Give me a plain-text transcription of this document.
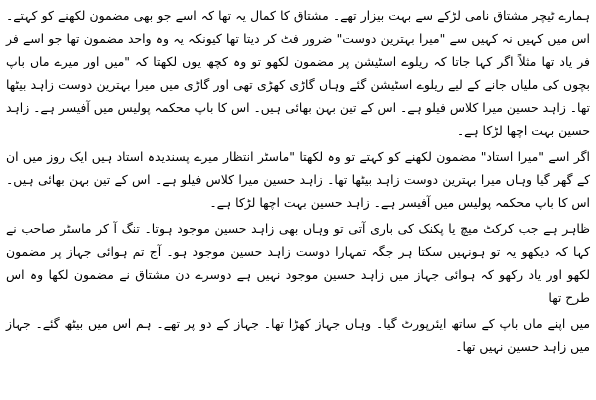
ہمارے ٹیچر مشتاق نامی لڑکے سے بہت بیزار تھے۔ مشتاق کا کمال یہ تھا کہ اسے جو بھی مضمون لکھنے کو کہتے۔ اس میں کہیں نہ کہیں سے "میرا بہترین دوست" ضرور فٹ کر دیتا تھا کیونکہ یہ وہ واحد مضمون تھا جو اسے فر فر یاد تھا مثلاً اگر کہا جاتا کہ ریلوے اسٹیشن پر مضمون لکھو تو وہ کچھ یوں لکھتا کہ "میں اور میرے ماں باپ بچوں کی ملیاں جانے کے لیے ریلوے اسٹیشن گئے وہاں گاڑی کھڑی تھی اور گاڑی میں میرا بہترین دوست زاہد بیٹھا تھا۔ زاہد حسین میرا کلاس فیلو ہے۔ اس کے تین بہن بھائی ہیں۔ اس کا باپ محکمہ پولیس میں آفیسر ہے۔ زاہد حسین بہت اچھا لڑکا ہے۔

اگر اسے "میرا استاد" مضمون لکھنے کو کہتے تو وہ لکھتا "ماسٹر انتظار میرے پسندیدہ استاد ہیں ایک روز میں ان کے گھر گیا وہاں میرا بہترین دوست زاہد بیٹھا تھا۔ زاہد حسین میرا کلاس فیلو ہے۔ اس کے تین بہن بھائی ہیں۔ اس کا باپ محکمہ پولیس میں آفیسر ہے۔ زاہد حسین بہت اچھا لڑکا ہے۔

ظاہر ہے جب کرکٹ میچ یا پکنک کی باری آتی تو وہاں بھی زاہد حسین موجود ہوتا۔ تنگ آ کر ماسٹر صاحب نے کہا کہ دیکھو یہ تو ہونہیں سکتا ہر جگہ تمہارا دوست زاہد حسین موجود ہو۔ آج تم ہوائی جہاز پر مضمون لکھو اور یاد رکھو کہ ہوائی جہاز میں زاہد حسین موجود نہیں ہے دوسرے دن مشتاق نے مضمون لکھا وہ اس طرح تھا

میں اپنے ماں باپ کے ساتھ ایئرپورٹ گیا۔ وہاں جہاز کھڑا تھا۔ جہاز کے دو پر تھے۔ ہم اس میں بیٹھ گئے۔ جہاز میں زاہد حسین نہیں تھا۔
